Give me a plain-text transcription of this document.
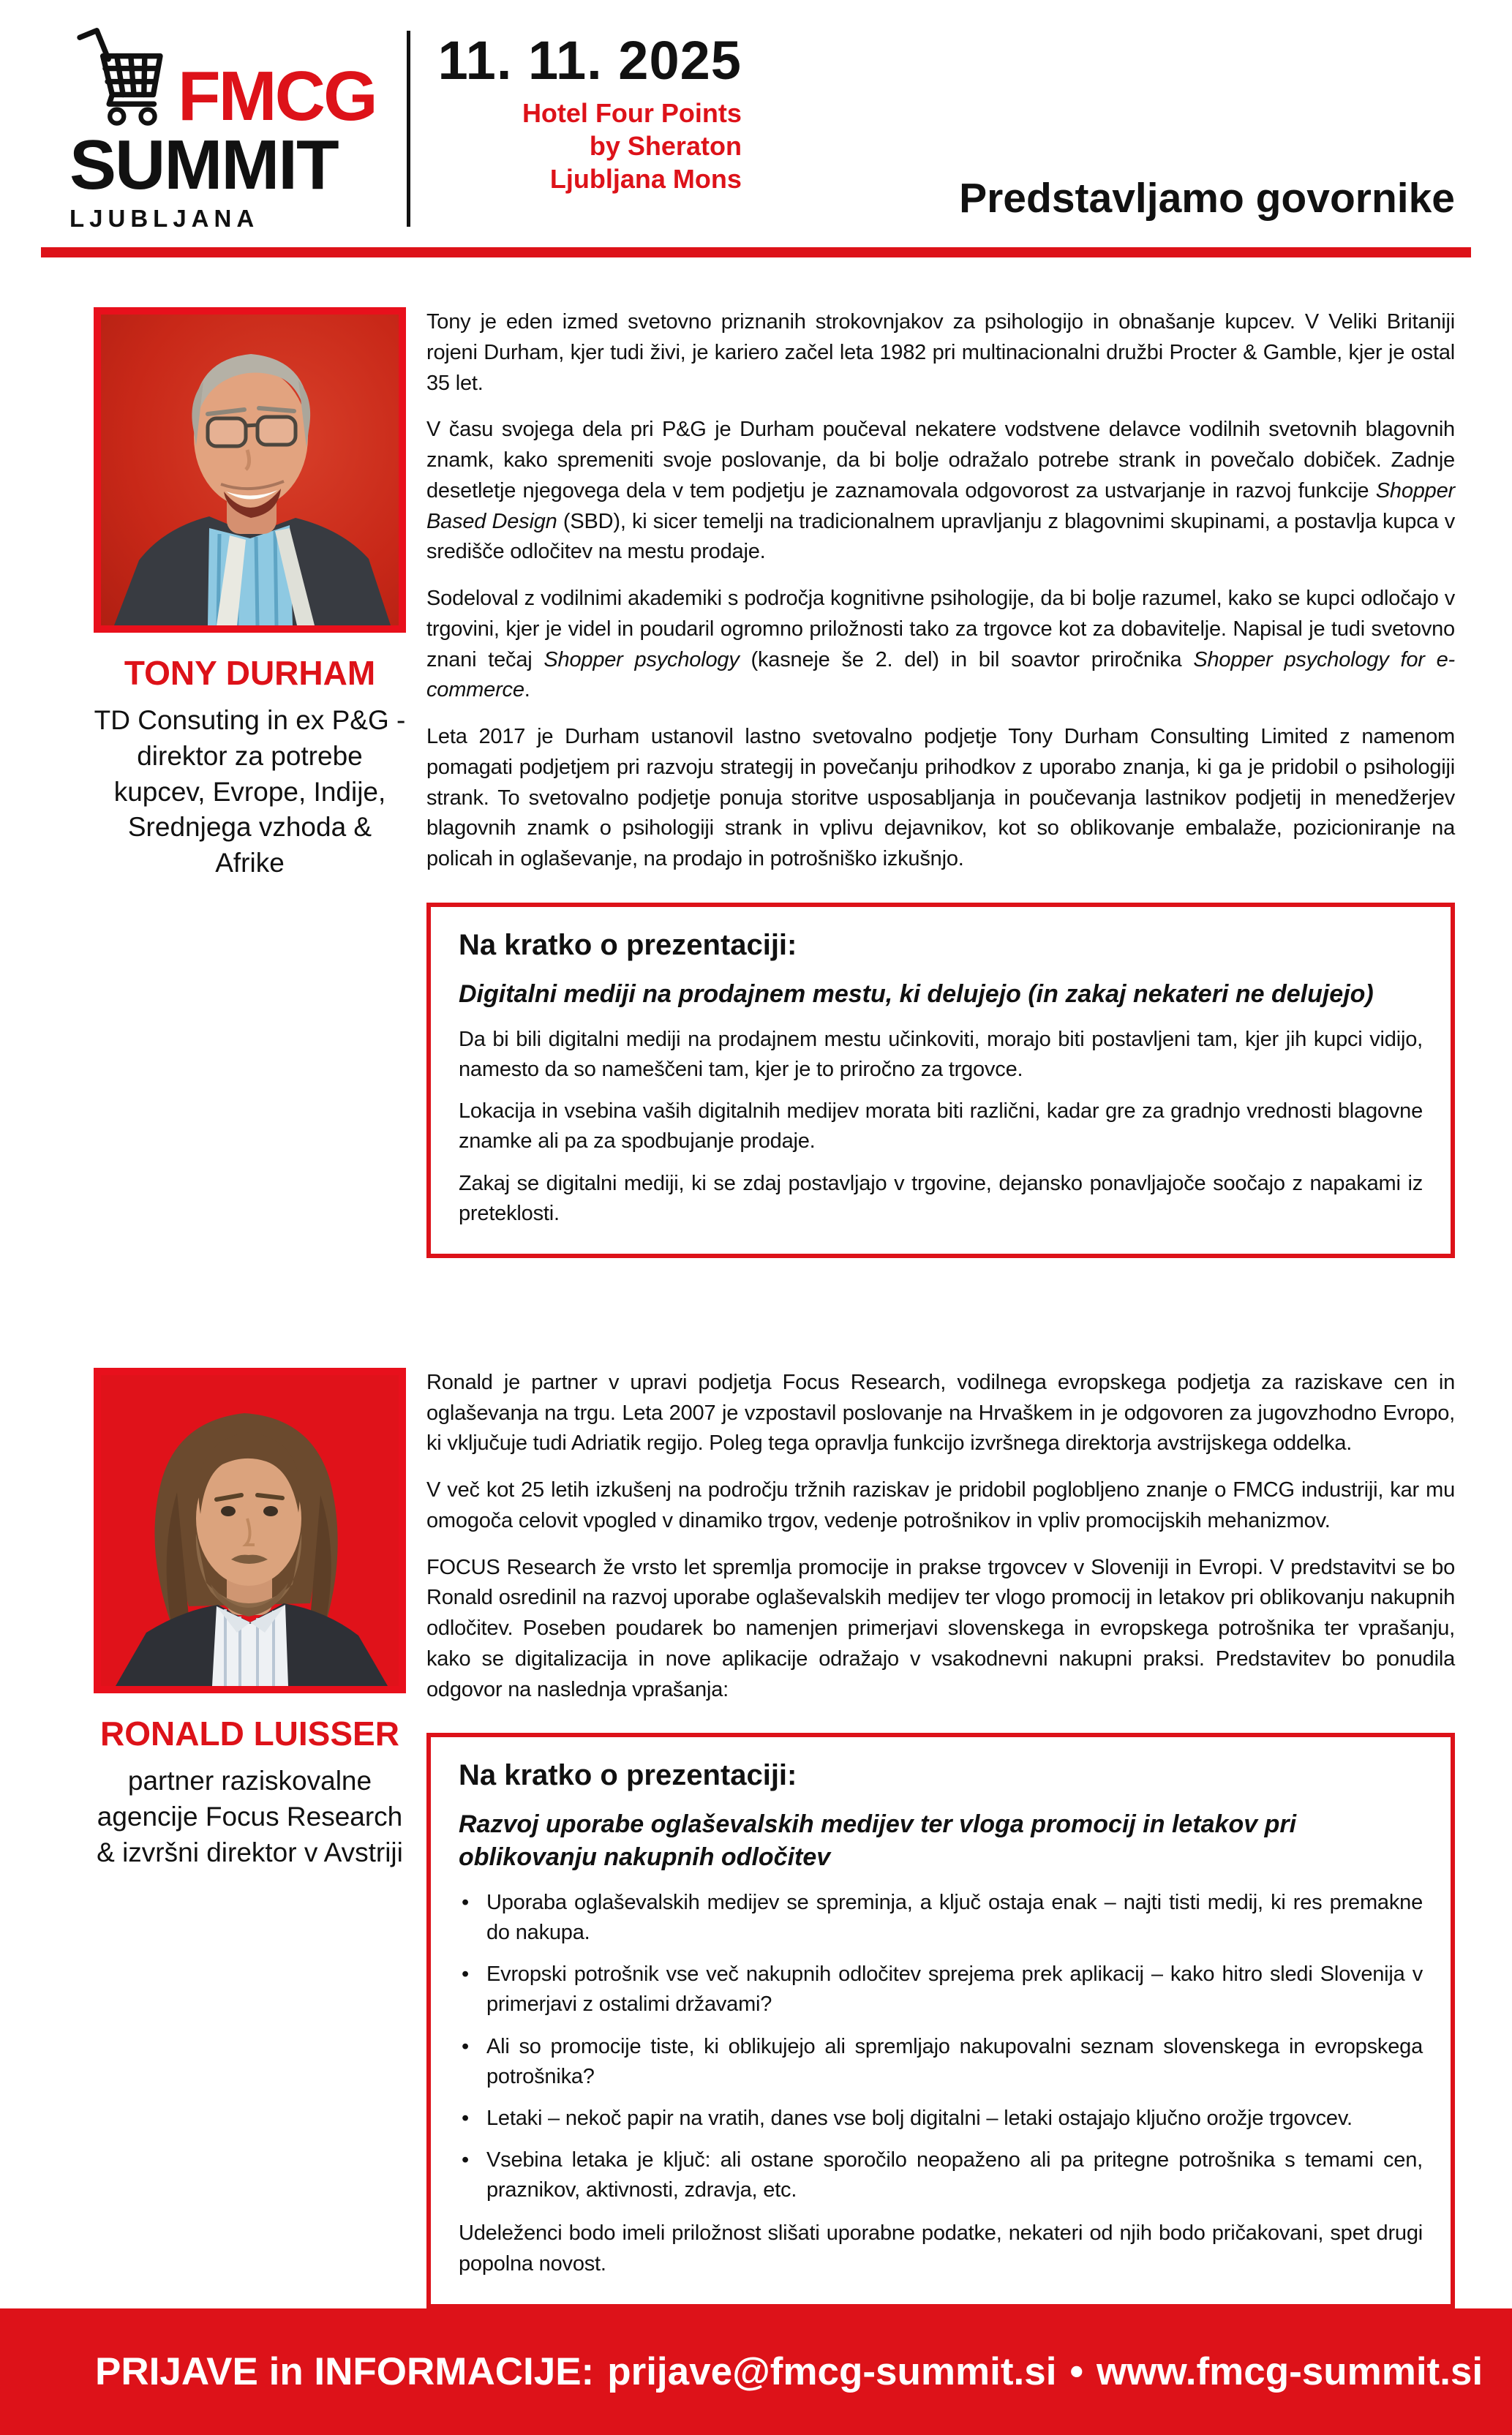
FMCG
SUMMIT
LJUBLJANA
11. 11. 2025
Hotel Four Points
by Sheraton
Ljubljana Mons	Predstavljamo govornike
TONY DURHAM
TD Consuting in ex P&G - direktor za potrebe kupcev, Evrope, Indije, Srednjega vzhoda & Afrike

Tony je eden izmed svetovno priznanih strokovnjakov za psihologijo in obnašanje kupcev. V Veliki Britaniji rojeni Durham, kjer tudi živi, je kariero začel leta 1982 pri multinacionalni družbi Procter & Gamble, kjer je ostal 35 let.

V času svojega dela pri P&G je Durham poučeval nekatere vodstvene delavce vodilnih svetovnih blagovnih znamk, kako spremeniti svoje poslovanje, da bi bolje odražalo potrebe strank in povečalo dobiček. Zadnje desetletje njegovega dela v tem podjetju je zaznamovala odgovorost za ustvarjanje in razvoj funkcije Shopper Based Design (SBD), ki sicer temelji na tradicionalnem upravljanju z blagovnimi skupinami, a postavlja kupca v središče odločitev na mestu prodaje.

Sodeloval z vodilnimi akademiki s področja kognitivne psihologije, da bi bolje razumel, kako se kupci odločajo v trgovini, kjer je videl in poudaril ogromno priložnosti tako za trgovce kot za dobavitelje. Napisal je tudi svetovno znani tečaj Shopper psychology (kasneje še 2. del) in bil soavtor priročnika Shopper psychology for e-commerce.

Leta 2017 je Durham ustanovil lastno svetovalno podjetje Tony Durham Consulting Limited z namenom pomagati podjetjem pri razvoju strategij in povečanju prihodkov z uporabo znanja, ki ga je pridobil o psihologiji strank. To svetovalno podjetje ponuja storitve usposabljanja in poučevanja lastnikov podjetij in menedžerjev blagovnih znamk o psihologiji strank in vplivu dejavnikov, kot so oblikovanje embalaže, pozicioniranje na policah in oglaševanje, na prodajo in potrošniško izkušnjo.

Na kratko o prezentaciji:
Digitalni mediji na prodajnem mestu, ki delujejo (in zakaj nekateri ne delujejo)

Da bi bili digitalni mediji na prodajnem mestu učinkoviti, morajo biti postavljeni tam, kjer jih kupci vidijo, namesto da so nameščeni tam, kjer je to priročno za trgovce.

Lokacija in vsebina vaših digitalnih medijev morata biti različni, kadar gre za gradnjo vrednosti blagovne znamke ali pa za spodbujanje prodaje.

Zakaj se digitalni mediji, ki se zdaj postavljajo v trgovine, dejansko ponavljajoče soočajo z napakami iz preteklosti.

RONALD LUISSER
partner raziskovalne agencije Focus Research & izvršni direktor v Avstriji

Ronald je partner v upravi podjetja Focus Research, vodilnega evropskega podjetja za raziskave cen in oglaševanja na trgu. Leta 2007 je vzpostavil poslovanje na Hrvaškem in je odgovoren za jugovzhodno Evropo, ki vključuje tudi Adriatik regijo. Poleg tega opravlja funkcijo izvršnega direktorja avstrijskega oddelka.

V več kot 25 letih izkušenj na področju tržnih raziskav je pridobil poglobljeno znanje o FMCG industriji, kar mu omogoča celovit vpogled v dinamiko trgov, vedenje potrošnikov in vpliv promocijskih mehanizmov.

FOCUS Research že vrsto let spremlja promocije in prakse trgovcev v Sloveniji in Evropi. V predstavitvi se bo Ronald osredinil na razvoj uporabe oglaševalskih medijev ter vlogo promocij in letakov pri oblikovanju nakupnih odločitev. Poseben poudarek bo namenjen primerjavi slovenskega in evropskega potrošnika ter vprašanju, kako se digitalizacija in nove aplikacije odražajo v vsakodnevni nakupni praksi. Predstavitev bo ponudila odgovor na naslednja vprašanja:

Na kratko o prezentaciji:
Razvoj uporabe oglaševalskih medijev ter vloga promocij in letakov pri oblikovanju nakupnih odločitev
• Uporaba oglaševalskih medijev se spreminja, a ključ ostaja enak – najti tisti medij, ki res premakne do nakupa.
• Evropski potrošnik vse več nakupnih odločitev sprejema prek aplikacij – kako hitro sledi Slovenija v primerjavi z ostalimi državami?
• Ali so promocije tiste, ki oblikujejo ali spremljajo nakupovalni seznam slovenskega in evropskega potrošnika?
• Letaki – nekoč papir na vratih, danes vse bolj digitalni – letaki ostajajo ključno orožje trgovcev.
• Vsebina letaka je ključ: ali ostane sporočilo neopaženo ali pa pritegne potrošnika s temami cen, praznikov, aktivnosti, zdravja, etc.

Udeleženci bodo imeli priložnost slišati uporabne podatke, nekateri od njih bodo pričakovani, spet drugi popolna novost.

PRIJAVE in INFORMACIJE: prijave@fmcg-summit.si • www.fmcg-summit.si
